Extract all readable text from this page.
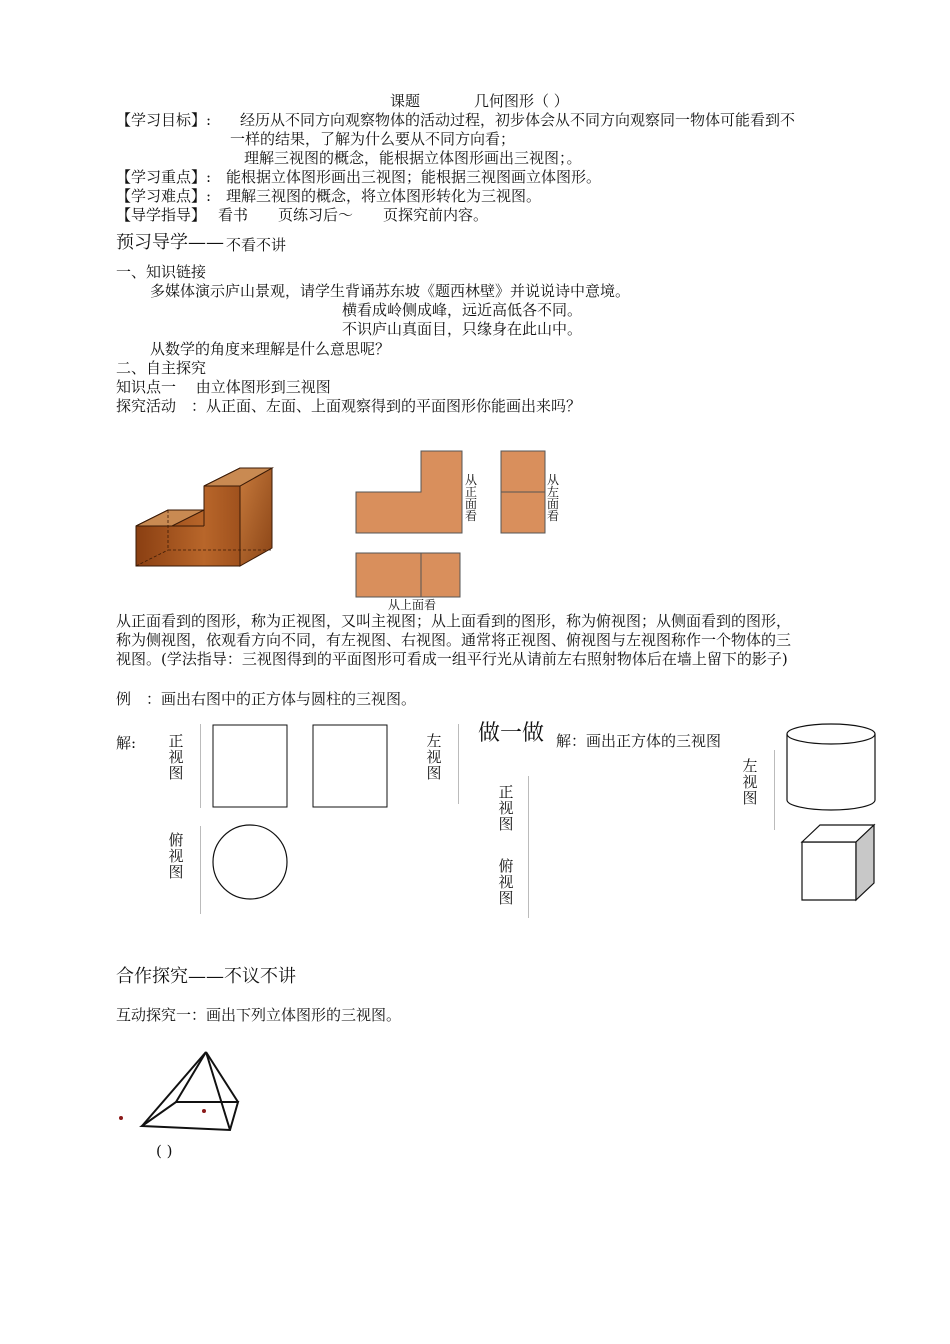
课题	几何图形（ ）
【学习目标】: 经历从不同方向观察物体的活动过程，初步体会从不同方向观察同一物体可能看到不
一样的结果，了解为什么要从不同方向看；
理解三视图的概念，能根据立体图形画出三视图；。
【学习重点】: 能根据立体图形画出三视图；能根据三视图画立体图形。
【学习难点】: 理解三视图的概念，将立体图形转化为三视图。
【导学指导】 看书　　页练习后～　　页探究前内容。
预习导学—— 不看不讲
一、知识链接
多媒体演示庐山景观，请学生背诵苏东坡《题西林壁》并说说诗中意境。
横看成岭侧成峰，远近高低各不同。
不识庐山真面目，只缘身在此山中。
从数学的角度来理解是什么意思呢？
二、自主探究
知识点一　 由立体图形到三视图
探究活动　：从正面、左面、上面观察得到的平面图形你能画出来吗？
从正面看
从左面看
从上面看
从正面看到的图形，称为正视图，又叫主视图；从上面看到的图形，称为俯视图；从侧面看到的图形，
称为侧视图，依观看方向不同，有左视图、右视图。通常将正视图、俯视图与左视图称作一个物体的三
视图。(学法指导：三视图得到的平面图形可看成一组平行光从请前左右照射物体后在墙上留下的影子)
例　：画出右图中的正方体与圆柱的三视图。
解: 正视图
左视图
俯视图
做一做 解：画出正方体的三视图
正视图
俯视图
左视图
合作探究——不议不讲
互动探究一：画出下列立体图形的三视图。
( )
